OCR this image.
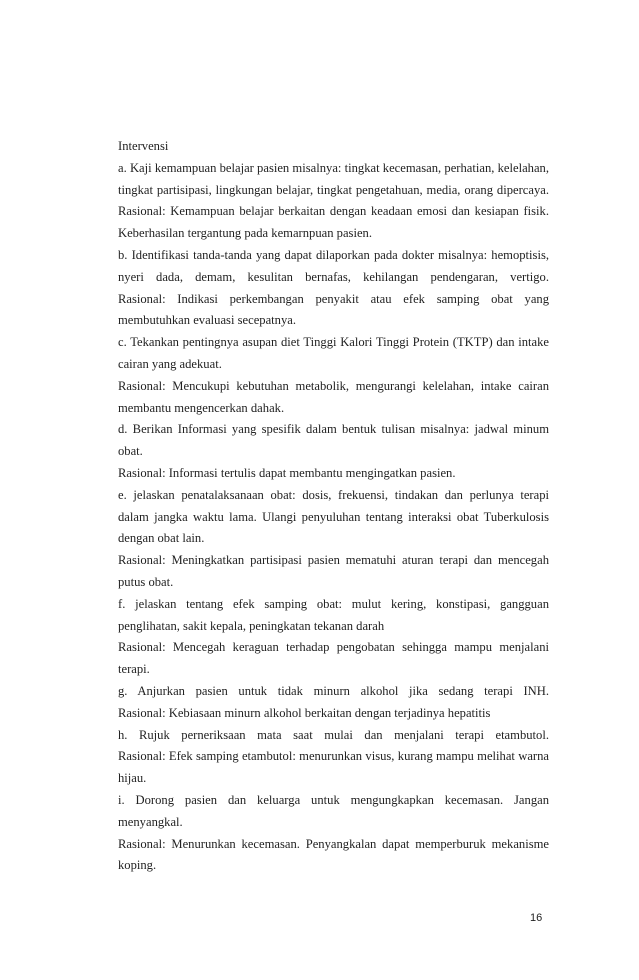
Intervensi

a. Kaji kemampuan belajar pasien misalnya: tingkat kecemasan, perhatian, kelelahan,

tingkat partisipasi, lingkungan belajar, tingkat pengetahuan, media, orang dipercaya.

Rasional: Kemampuan belajar berkaitan dengan keadaan emosi dan kesiapan fisik.

Keberhasilan tergantung pada kemarnpuan pasien.

b. Identifikasi tanda-tanda yang dapat dilaporkan pada dokter misalnya: hemoptisis,

nyeri dada, demam, kesulitan bernafas, kehilangan pendengaran, vertigo.

Rasional: Indikasi perkembangan penyakit atau efek samping obat yang

membutuhkan evaluasi secepatnya.

c. Tekankan pentingnya asupan diet Tinggi Kalori Tinggi Protein (TKTP) dan intake

cairan yang adekuat.

Rasional: Mencukupi kebutuhan metabolik, mengurangi kelelahan, intake cairan

membantu mengencerkan dahak.

d. Berikan Informasi yang spesifik dalam bentuk tulisan misalnya: jadwal minum

obat.

Rasional: Informasi tertulis dapat membantu mengingatkan pasien.

e. jelaskan penatalaksanaan obat: dosis, frekuensi, tindakan dan perlunya terapi

dalam jangka waktu lama. Ulangi penyuluhan tentang interaksi obat Tuberkulosis

dengan obat lain.

Rasional: Meningkatkan partisipasi pasien mematuhi aturan terapi dan mencegah

putus obat.

f. jelaskan tentang efek samping obat: mulut kering, konstipasi, gangguan

penglihatan, sakit kepala, peningkatan tekanan darah

Rasional: Mencegah keraguan terhadap pengobatan sehingga mampu menjalani

terapi.

g. Anjurkan pasien untuk tidak minurn alkohol jika sedang terapi INH.

Rasional: Kebiasaan minurn alkohol berkaitan dengan terjadinya hepatitis

h. Rujuk perneriksaan mata saat mulai dan menjalani terapi etambutol.

Rasional: Efek samping etambutol: menurunkan visus, kurang mampu melihat warna

hijau.

i. Dorong pasien dan keluarga untuk mengungkapkan kecemasan. Jangan

menyangkal.

Rasional: Menurunkan kecemasan. Penyangkalan dapat memperburuk mekanisme

koping.

16
